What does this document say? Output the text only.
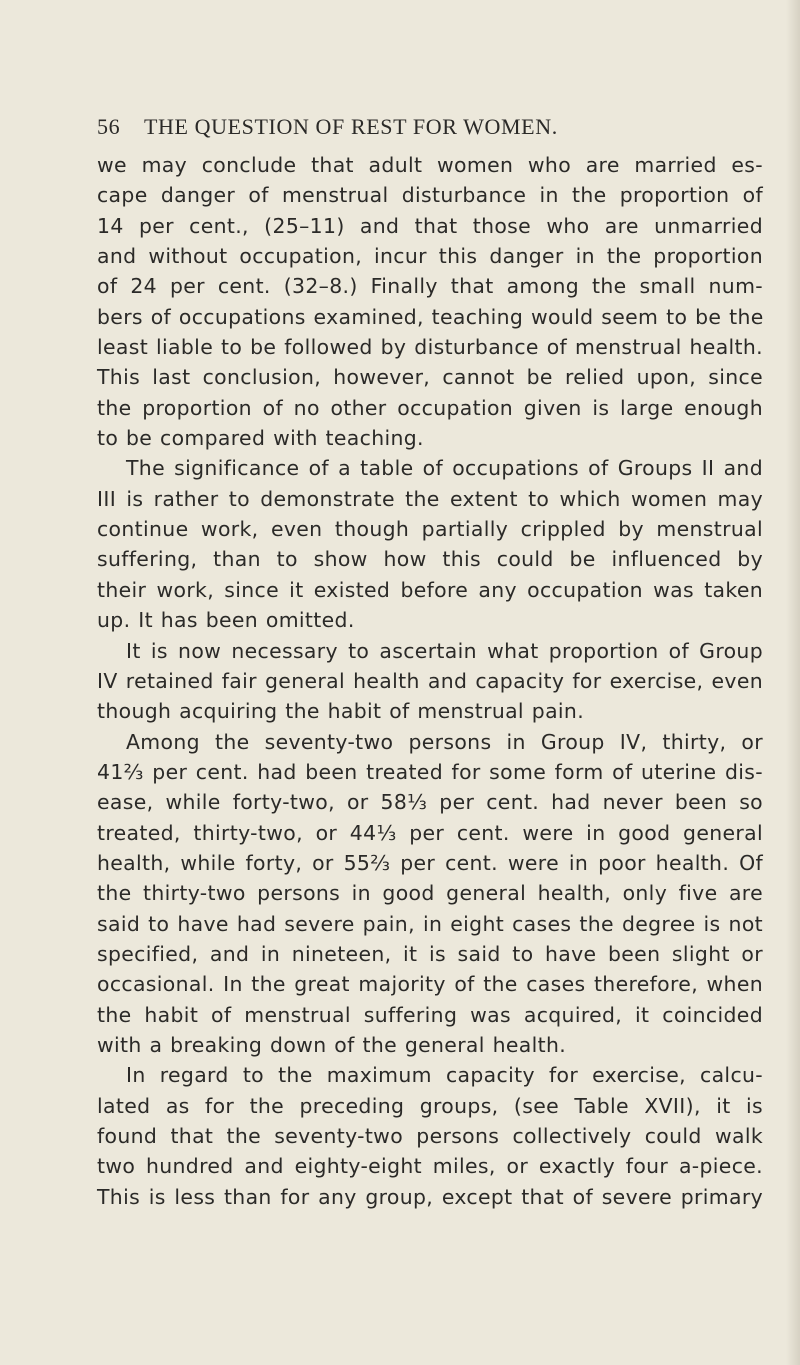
56 THE QUESTION OF REST FOR WOMEN.
we may conclude that adult women who are married es-
cape danger of menstrual disturbance in the proportion of
14 per cent., (25–11) and that those who are unmarried
and without occupation, incur this danger in the proportion
of 24 per cent. (32–8.) Finally that among the small num-
bers of occupations examined, teaching would seem to be the
least liable to be followed by disturbance of menstrual health.
This last conclusion, however, cannot be relied upon, since
the proportion of no other occupation given is large enough
to be compared with teaching.
The significance of a table of occupations of Groups II and
III is rather to demonstrate the extent to which women may
continue work, even though partially crippled by menstrual
suffering, than to show how this could be influenced by
their work, since it existed before any occupation was taken
up. It has been omitted.
It is now necessary to ascertain what proportion of Group
IV retained fair general health and capacity for exercise, even
though acquiring the habit of menstrual pain.
Among the seventy-two persons in Group IV, thirty, or
41⅔ per cent. had been treated for some form of uterine dis-
ease, while forty-two, or 58⅓ per cent. had never been so
treated, thirty-two, or 44⅓ per cent. were in good general
health, while forty, or 55⅔ per cent. were in poor health. Of
the thirty-two persons in good general health, only five are
said to have had severe pain, in eight cases the degree is not
specified, and in nineteen, it is said to have been slight or
occasional. In the great majority of the cases therefore, when
the habit of menstrual suffering was acquired, it coincided
with a breaking down of the general health.
In regard to the maximum capacity for exercise, calcu-
lated as for the preceding groups, (see Table XVII), it is
found that the seventy-two persons collectively could walk
two hundred and eighty-eight miles, or exactly four a-piece.
This is less than for any group, except that of severe primary
